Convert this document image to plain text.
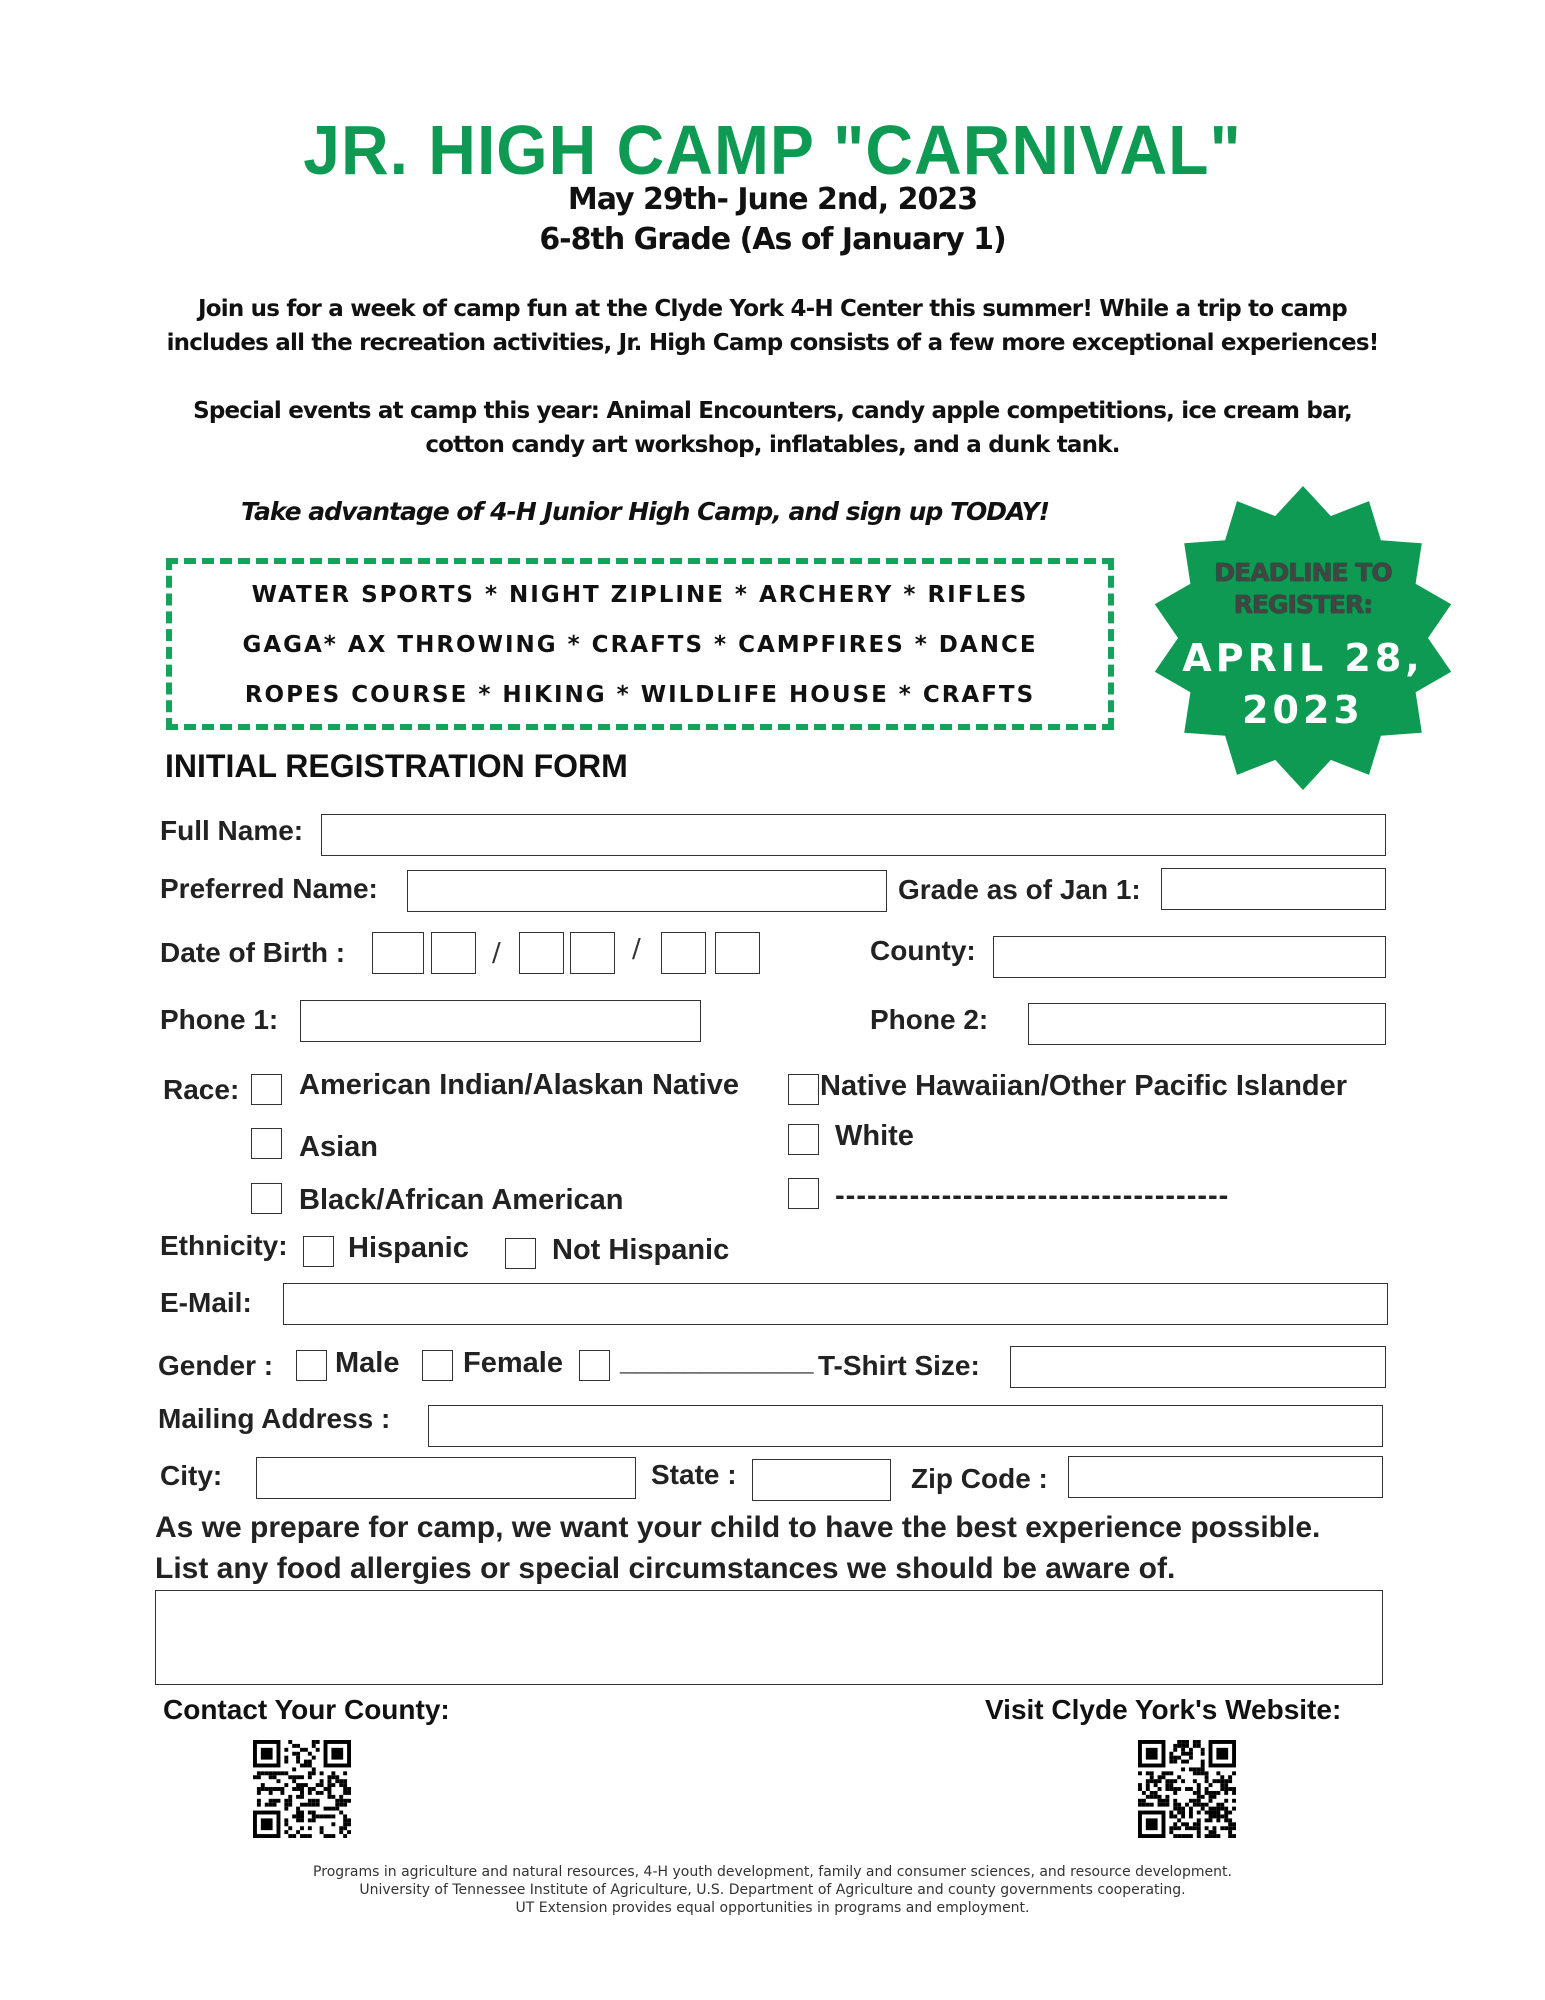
JR. HIGH CAMP "CARNIVAL"
May 29th- June 2nd, 2023
6-8th Grade (As of January 1)
Join us for a week of camp fun at the Clyde York 4-H Center this summer! While a trip to camp
includes all the recreation activities, Jr. High Camp consists of a few more exceptional experiences!
Special events at camp this year: Animal Encounters, candy apple competitions, ice cream bar,
cotton candy art workshop, inflatables, and a dunk tank.
Take advantage of 4-H Junior High Camp, and sign up TODAY!
WATER SPORTS * NIGHT ZIPLINE * ARCHERY * RIFLES
GAGA* AX THROWING * CRAFTS * CAMPFIRES * DANCE
ROPES COURSE * HIKING * WILDLIFE HOUSE * CRAFTS
DEADLINE TO
REGISTER:
APRIL 28,
2023
INITIAL REGISTRATION FORM
Full Name:
Preferred Name:	Grade as of Jan 1:
Date of Birth :	/	/	County:
Phone 1:	Phone 2:
Race: American Indian/Alaskan Native	Native Hawaiian/Other Pacific Islander
Asian	White
Black/African American	-------------------------------------
Ethnicity: Hispanic	Not Hispanic
E-Mail:
Gender : Male Female ____________ T-Shirt Size:
Mailing Address :
City:	State :	Zip Code :
As we prepare for camp, we want your child to have the best experience possible.
List any food allergies or special circumstances we should be aware of.
Contact Your County:	Visit Clyde York's Website:
Programs in agriculture and natural resources, 4-H youth development, family and consumer sciences, and resource development.
University of Tennessee Institute of Agriculture, U.S. Department of Agriculture and county governments cooperating.
UT Extension provides equal opportunities in programs and employment.
